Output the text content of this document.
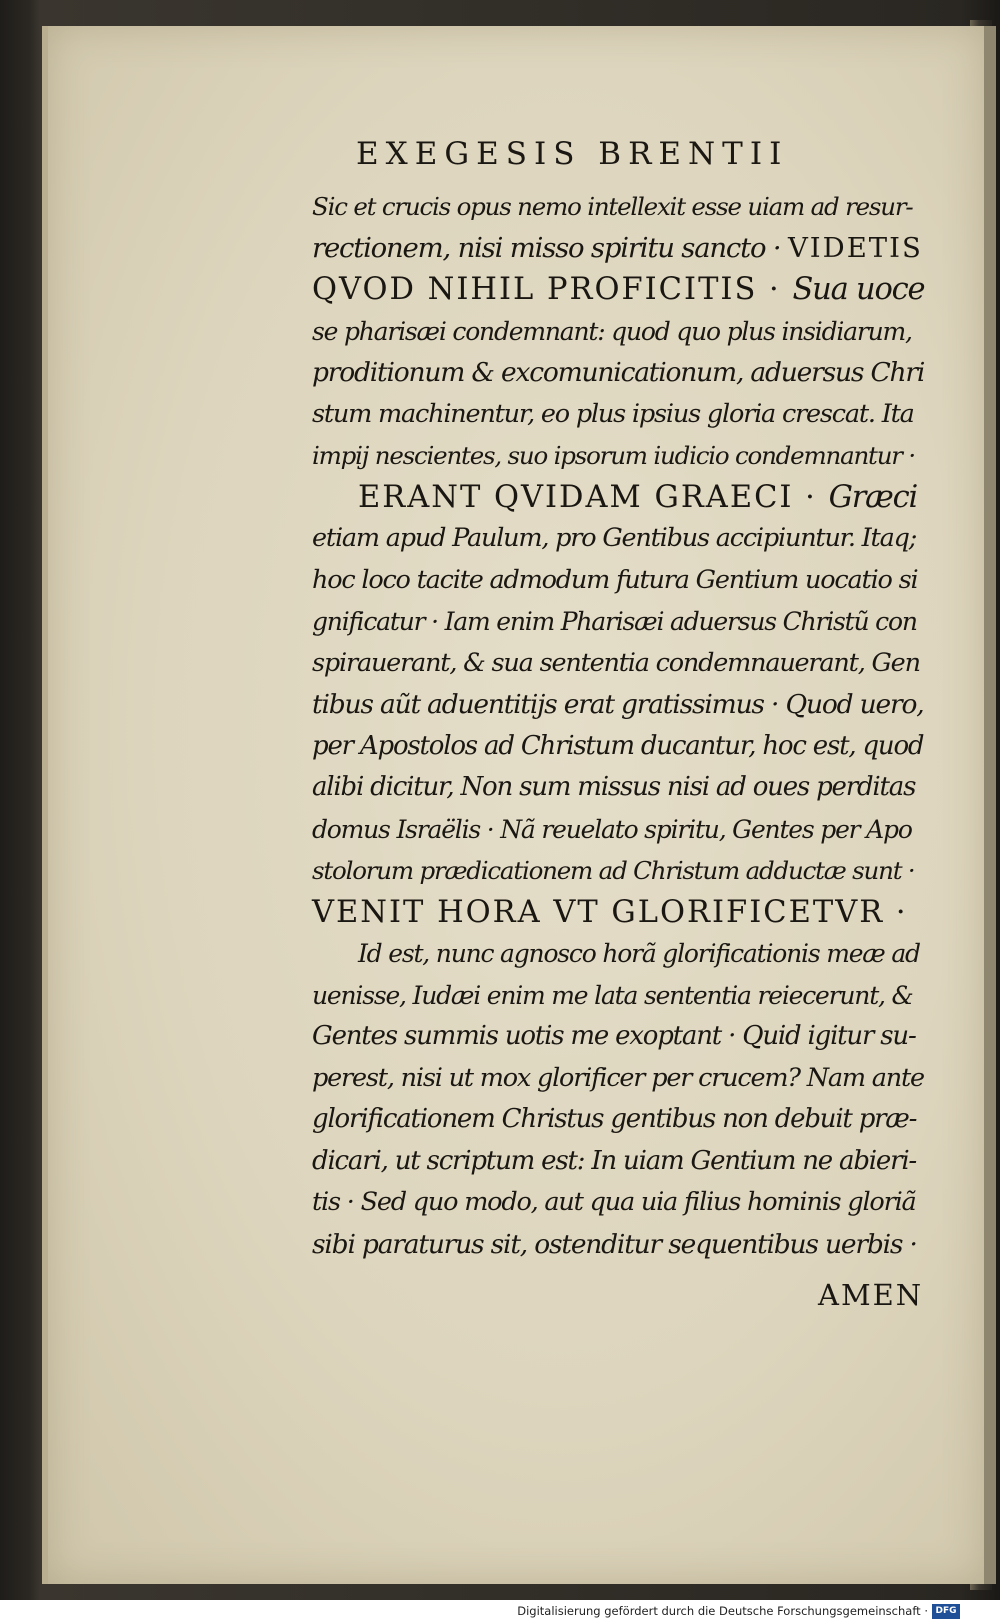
EXEGESIS BRENTII
Sic et crucis opus nemo intellexit esse uiam ad resur-
rectionem, nisi misso spiritu sancto · VIDETIS
QVOD NIHIL PROFICITIS · Sua uoce
se pharisæi condemnant: quod quo plus insidiarum,
proditionum & excomunicationum, aduersus Chri
stum machinentur, eo plus ipsius gloria crescat. Ita
impij nescientes, suo ipsorum iudicio condemnantur ·
ERANT QVIDAM GRAECI · Græci
etiam apud Paulum, pro Gentibus accipiuntur. Itaq;
hoc loco tacite admodum futura Gentium uocatio si
gnificatur · Iam enim Pharisæi aduersus Christũ con
spirauerant, & sua sententia condemnauerant, Gen
tibus aũt aduentitijs erat gratissimus · Quod uero,
per Apostolos ad Christum ducantur, hoc est, quod
alibi dicitur, Non sum missus nisi ad oues perditas
domus Israëlis · Nã reuelato spiritu, Gentes per Apo
stolorum prædicationem ad Christum adductæ sunt ·
VENIT HORA VT GLORIFICETVR ·
Id est, nunc agnosco horã glorificationis meæ ad
uenisse, Iudæi enim me lata sententia reiecerunt, &
Gentes summis uotis me exoptant · Quid igitur su-
perest, nisi ut mox glorificer per crucem? Nam ante
glorificationem Christus gentibus non debuit præ-
dicari, ut scriptum est: In uiam Gentium ne abieri-
tis · Sed quo modo, aut qua uia filius hominis gloriã
sibi paraturus sit, ostenditur sequentibus uerbis ·
AMEN
Digitalisierung gefördert durch die Deutsche Forschungsgemeinschaft · DFG
